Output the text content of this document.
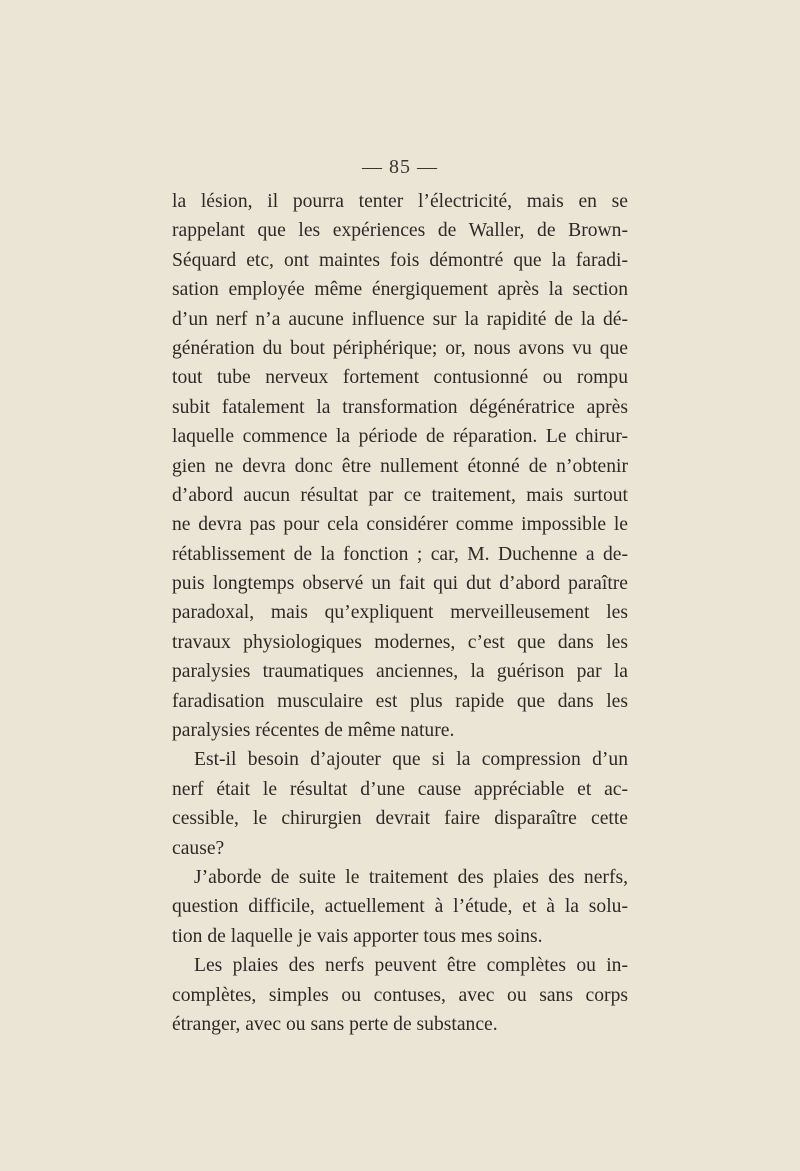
— 85 —
la lésion, il pourra tenter l’électricité, mais en se
rappelant que les expériences de Waller, de Brown-
Séquard etc, ont maintes fois démontré que la faradi-
sation employée même énergiquement après la section
d’un nerf n’a aucune influence sur la rapidité de la dé-
génération du bout périphérique; or, nous avons vu que
tout tube nerveux fortement contusionné ou rompu
subit fatalement la transformation dégénératrice après
laquelle commence la période de réparation. Le chirur-
gien ne devra donc être nullement étonné de n’obtenir
d’abord aucun résultat par ce traitement, mais surtout
ne devra pas pour cela considérer comme impossible le
rétablissement de la fonction ; car, M. Duchenne a de-
puis longtemps observé un fait qui dut d’abord paraître
paradoxal, mais qu’expliquent merveilleusement les
travaux physiologiques modernes, c’est que dans les
paralysies traumatiques anciennes, la guérison par la
faradisation musculaire est plus rapide que dans les
paralysies récentes de même nature.
Est-il besoin d’ajouter que si la compression d’un
nerf était le résultat d’une cause appréciable et ac-
cessible, le chirurgien devrait faire disparaître cette
cause?
J’aborde de suite le traitement des plaies des nerfs,
question difficile, actuellement à l’étude, et à la solu-
tion de laquelle je vais apporter tous mes soins.
Les plaies des nerfs peuvent être complètes ou in-
complètes, simples ou contuses, avec ou sans corps
étranger, avec ou sans perte de substance.
